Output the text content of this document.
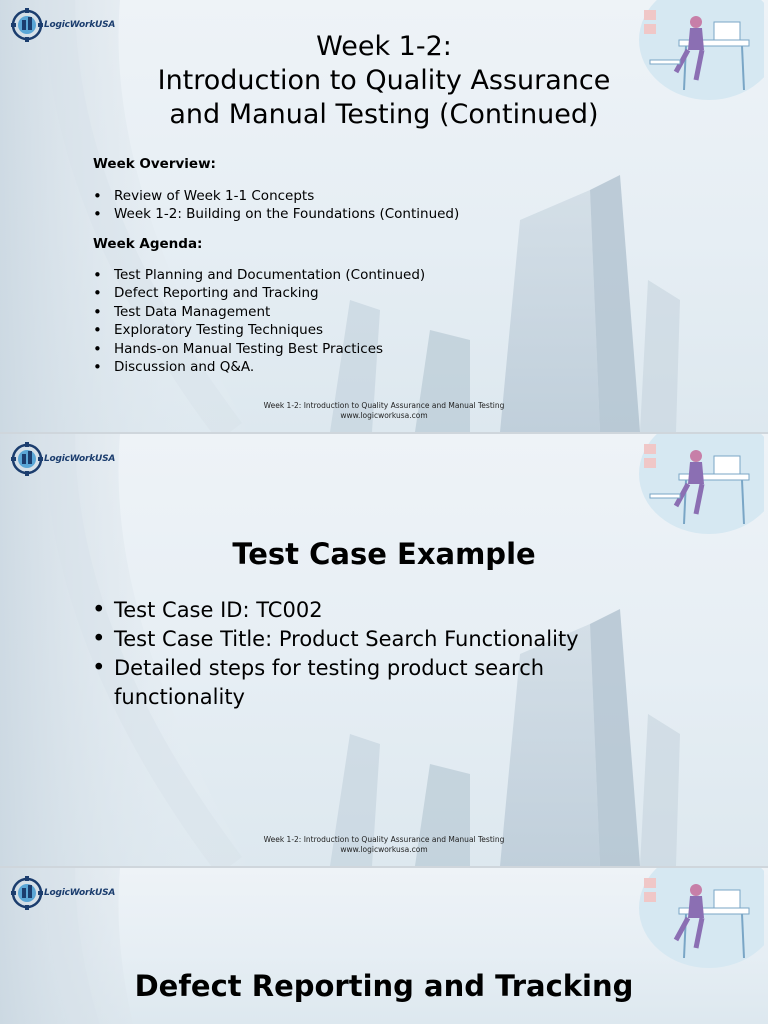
LogicWorkUSA
Week 1-2:
Introduction to Quality Assurance
and Manual Testing (Continued)
Week Overview:
• Review of Week 1-1 Concepts
• Week 1-2: Building on the Foundations (Continued)
Week Agenda:
• Test Planning and Documentation (Continued)
• Defect Reporting and Tracking
• Test Data Management
• Exploratory Testing Techniques
• Hands-on Manual Testing Best Practices
• Discussion and Q&A.
Week 1-2: Introduction to Quality Assurance and Manual Testing
www.logicworkusa.com
LogicWorkUSA
Test Case Example
• Test Case ID: TC002
• Test Case Title: Product Search Functionality
• Detailed steps for testing product search functionality
Week 1-2: Introduction to Quality Assurance and Manual Testing
www.logicworkusa.com
LogicWorkUSA
Defect Reporting and Tracking
